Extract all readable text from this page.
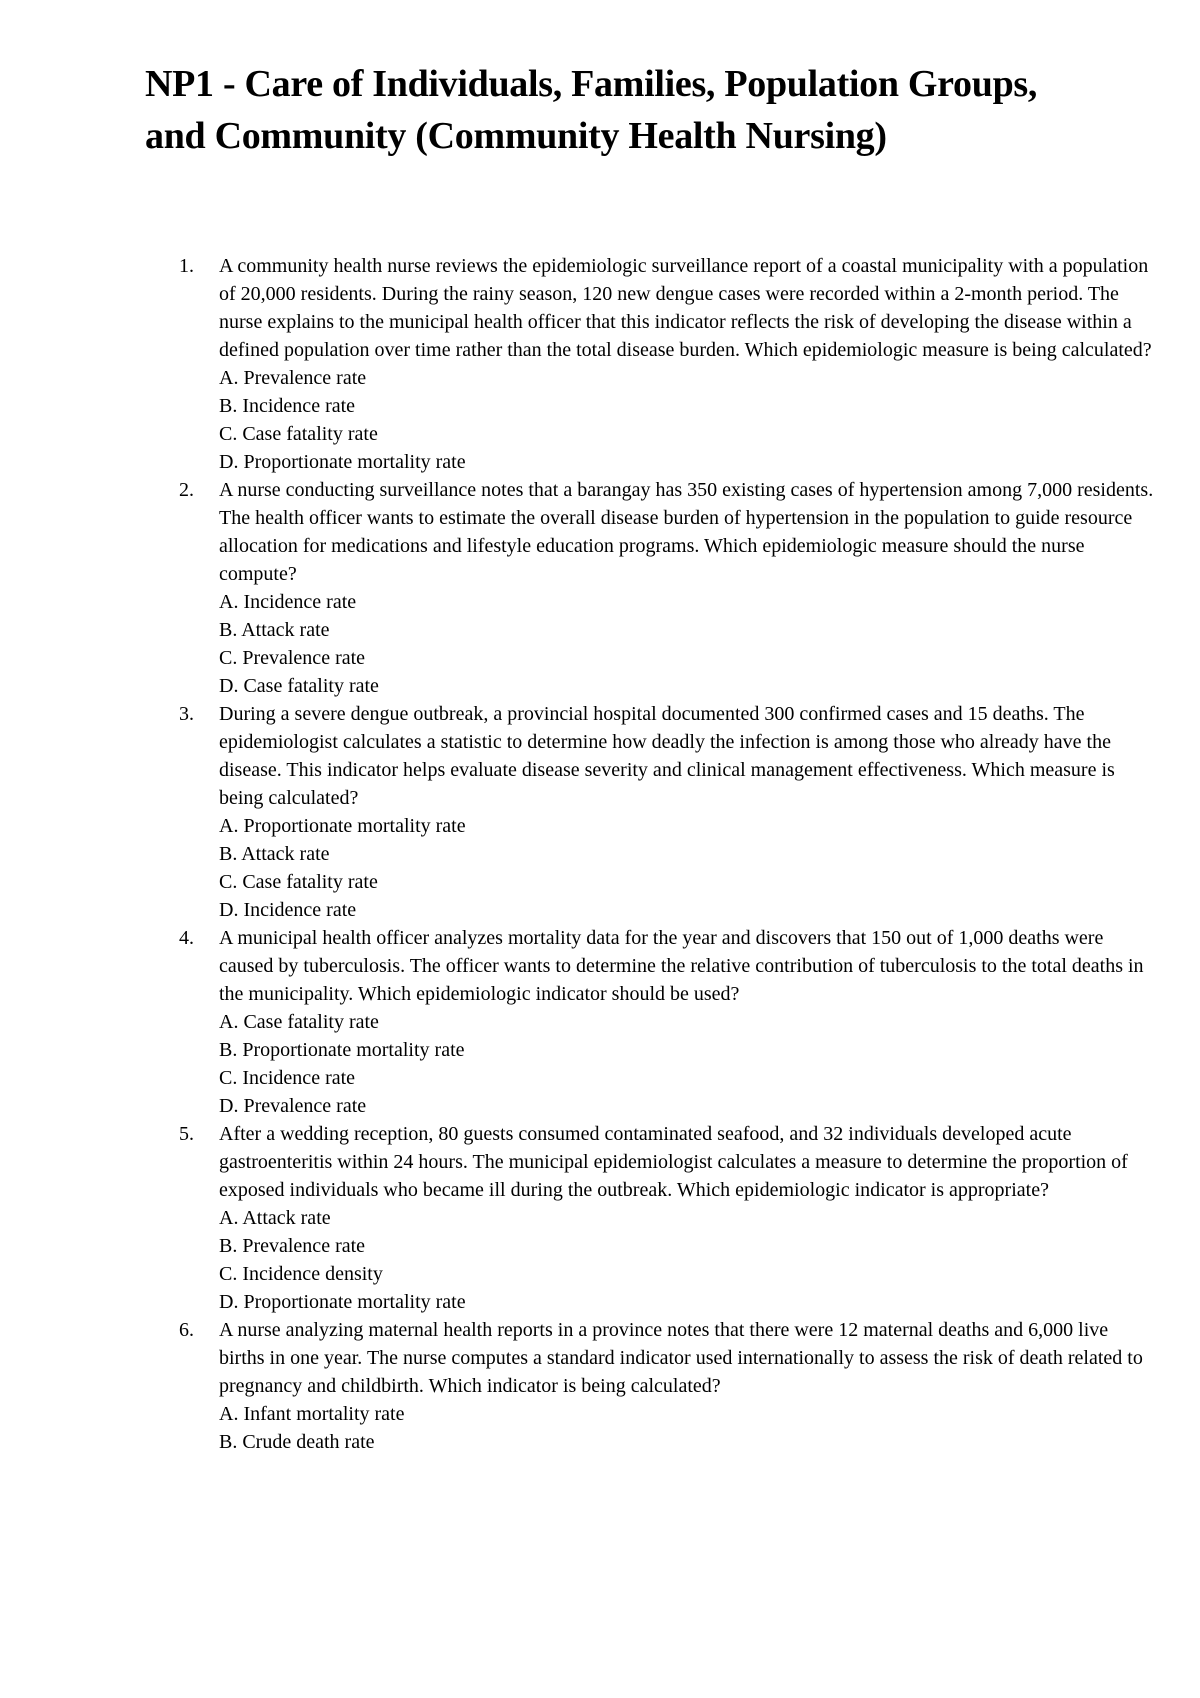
NP1 - Care of Individuals, Families, Population Groups,
and Community (Community Health Nursing)
1. A community health nurse reviews the epidemiologic surveillance report of a coastal municipality with a population of 20,000 residents. During the rainy season, 120 new dengue cases were recorded within a 2-month period. The nurse explains to the municipal health officer that this indicator reflects the risk of developing the disease within a defined population over time rather than the total disease burden. Which epidemiologic measure is being calculated?
A. Prevalence rate
B. Incidence rate
C. Case fatality rate
D. Proportionate mortality rate
2. A nurse conducting surveillance notes that a barangay has 350 existing cases of hypertension among 7,000 residents. The health officer wants to estimate the overall disease burden of hypertension in the population to guide resource allocation for medications and lifestyle education programs. Which epidemiologic measure should the nurse compute?
A. Incidence rate
B. Attack rate
C. Prevalence rate
D. Case fatality rate
3. During a severe dengue outbreak, a provincial hospital documented 300 confirmed cases and 15 deaths. The epidemiologist calculates a statistic to determine how deadly the infection is among those who already have the disease. This indicator helps evaluate disease severity and clinical management effectiveness. Which measure is being calculated?
A. Proportionate mortality rate
B. Attack rate
C. Case fatality rate
D. Incidence rate
4. A municipal health officer analyzes mortality data for the year and discovers that 150 out of 1,000 deaths were caused by tuberculosis. The officer wants to determine the relative contribution of tuberculosis to the total deaths in the municipality. Which epidemiologic indicator should be used?
A. Case fatality rate
B. Proportionate mortality rate
C. Incidence rate
D. Prevalence rate
5. After a wedding reception, 80 guests consumed contaminated seafood, and 32 individuals developed acute gastroenteritis within 24 hours. The municipal epidemiologist calculates a measure to determine the proportion of exposed individuals who became ill during the outbreak. Which epidemiologic indicator is appropriate?
A. Attack rate
B. Prevalence rate
C. Incidence density
D. Proportionate mortality rate
6. A nurse analyzing maternal health reports in a province notes that there were 12 maternal deaths and 6,000 live births in one year. The nurse computes a standard indicator used internationally to assess the risk of death related to pregnancy and childbirth. Which indicator is being calculated?
A. Infant mortality rate
B. Crude death rate
